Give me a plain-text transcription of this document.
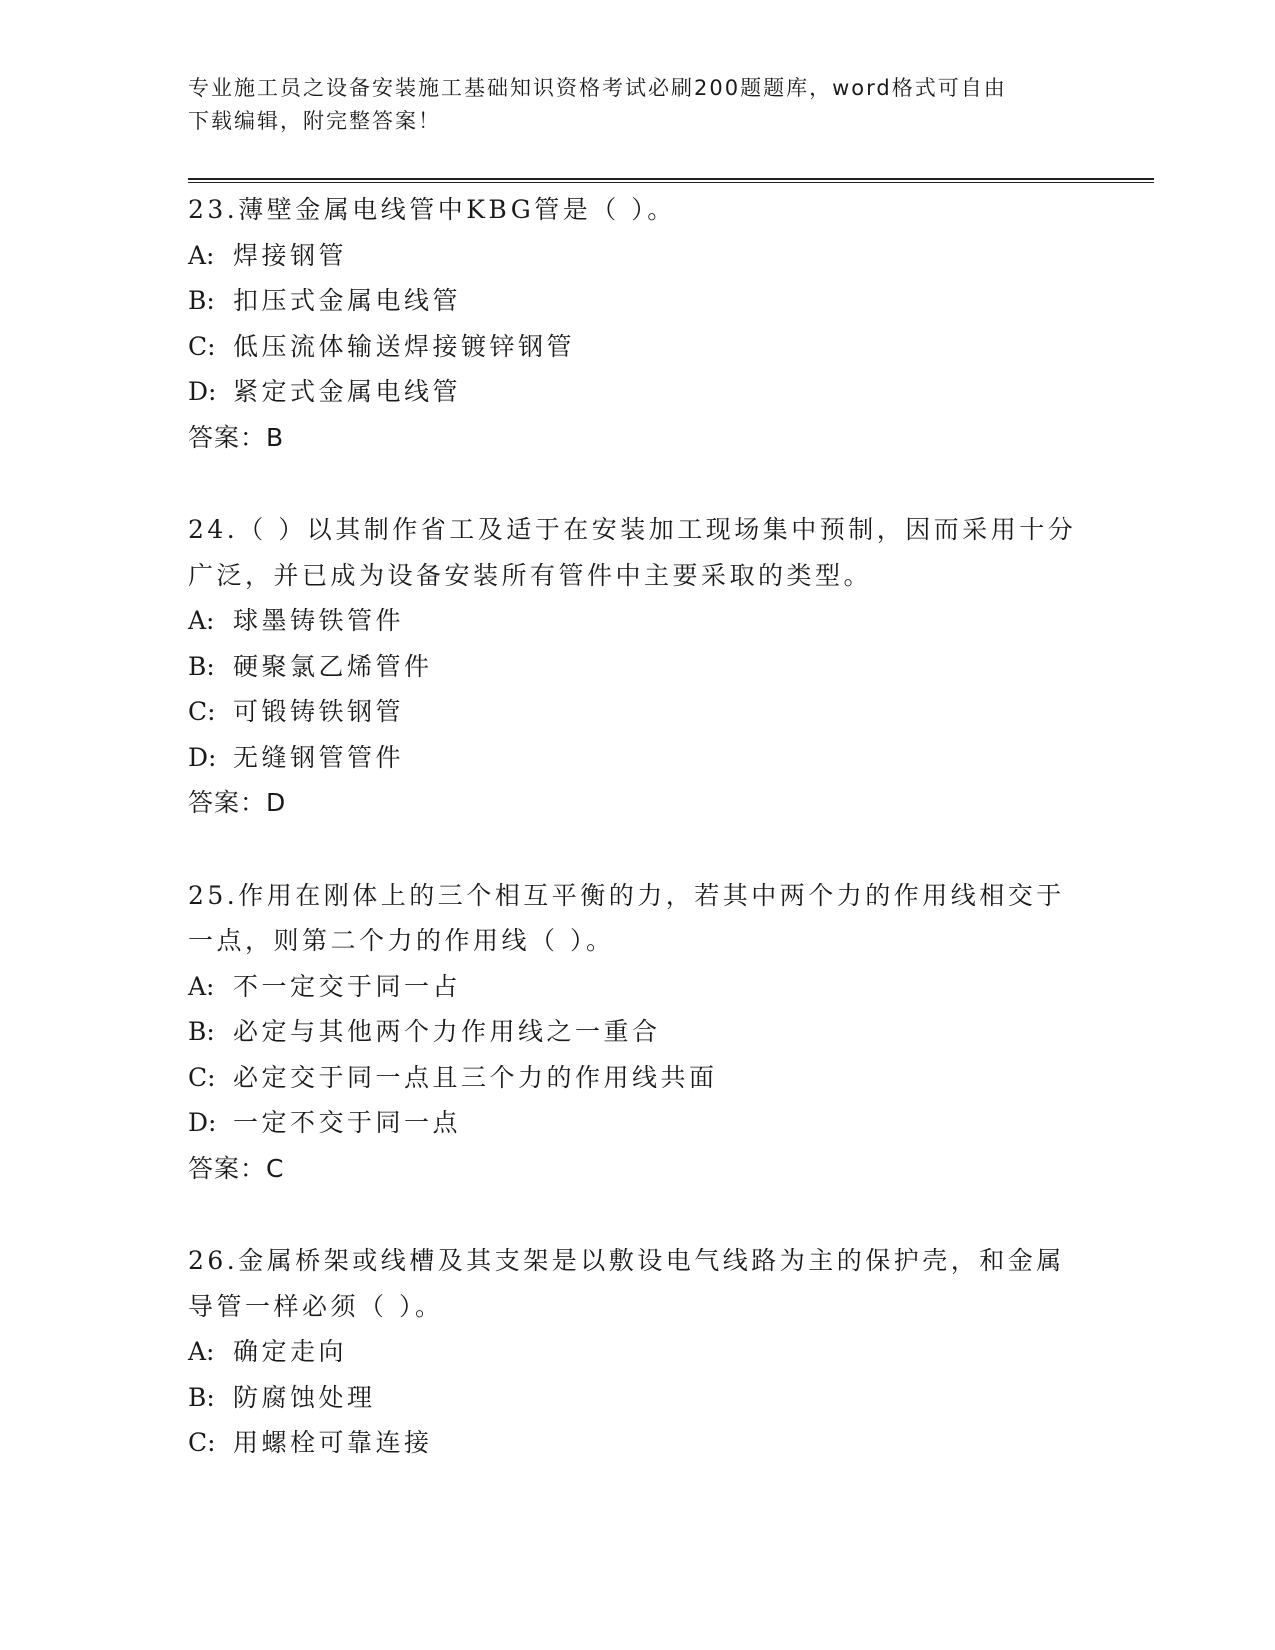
专业施工员之设备安装施工基础知识资格考试必刷200题题库，word格式可自由
下载编辑，附完整答案！
23.薄壁金属电线管中KBG管是（ ）。
A: 焊接钢管
B: 扣压式金属电线管
C: 低压流体输送焊接镀锌钢管
D: 紧定式金属电线管
答案：B
24.（ ）以其制作省工及适于在安装加工现场集中预制，因而采用十分广泛，并已成为设备安装所有管件中主要采取的类型。
A: 球墨铸铁管件
B: 硬聚氯乙烯管件
C: 可锻铸铁钢管
D: 无缝钢管管件
答案：D
25.作用在刚体上的三个相互平衡的力，若其中两个力的作用线相交于一点，则第二个力的作用线（ ）。
A: 不一定交于同一占
B: 必定与其他两个力作用线之一重合
C: 必定交于同一点且三个力的作用线共面
D: 一定不交于同一点
答案：C
26.金属桥架或线槽及其支架是以敷设电气线路为主的保护壳，和金属导管一样必须（ ）。
A: 确定走向
B: 防腐蚀处理
C: 用螺栓可靠连接
